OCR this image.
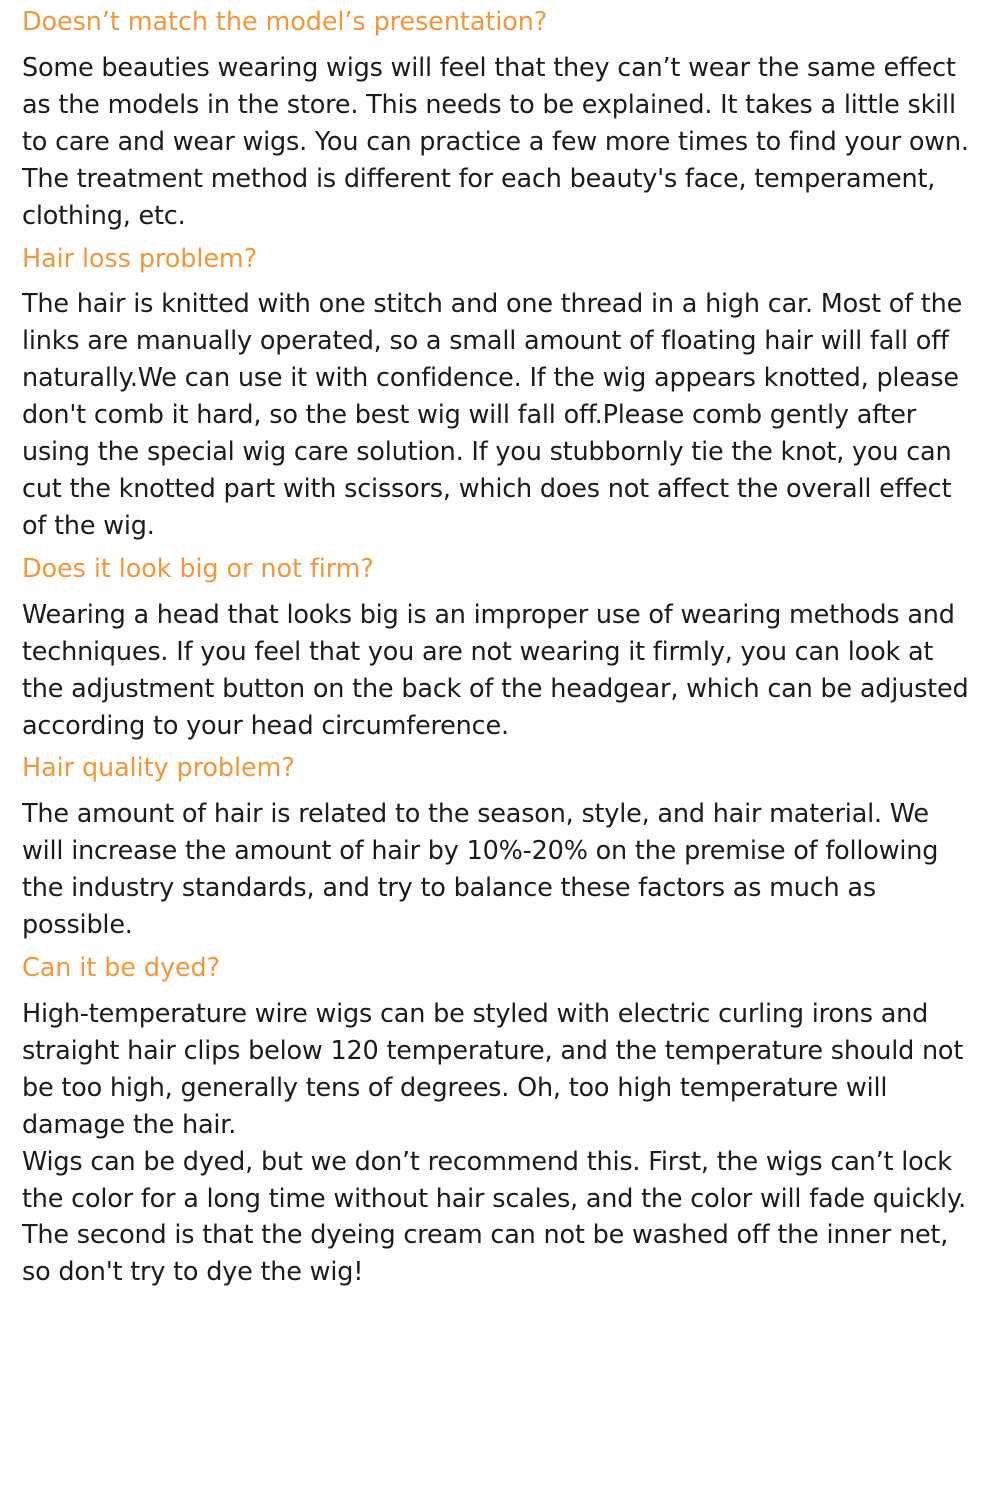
Doesn’t match the model’s presentation?

Some beauties wearing wigs will feel that they can’t wear the same effect as the models in the store. This needs to be explained. It takes a little skill to care and wear wigs. You can practice a few more times to find your own. The treatment method is different for each beauty's face, temperament, clothing, etc.

Hair loss problem?

The hair is knitted with one stitch and one thread in a high car. Most of the links are manually operated, so a small amount of floating hair will fall off naturally.We can use it with confidence. If the wig appears knotted, please don't comb it hard, so the best wig will fall off.Please comb gently after using the special wig care solution. If you stubbornly tie the knot, you can cut the knotted part with scissors, which does not affect the overall effect of the wig.

Does it look big or not firm?

Wearing a head that looks big is an improper use of wearing methods and techniques. If you feel that you are not wearing it firmly, you can look at the adjustment button on the back of the headgear, which can be adjusted according to your head circumference.

Hair quality problem?

The amount of hair is related to the season, style, and hair material. We will increase the amount of hair by 10%-20% on the premise of following the industry standards, and try to balance these factors as much as possible.

Can it be dyed?

High-temperature wire wigs can be styled with electric curling irons and straight hair clips below 120 temperature, and the temperature should not be too high, generally tens of degrees. Oh, too high temperature will damage the hair.
Wigs can be dyed, but we don’t recommend this. First, the wigs can’t lock the color for a long time without hair scales, and the color will fade quickly. The second is that the dyeing cream can not be washed off the inner net, so don't try to dye the wig!
